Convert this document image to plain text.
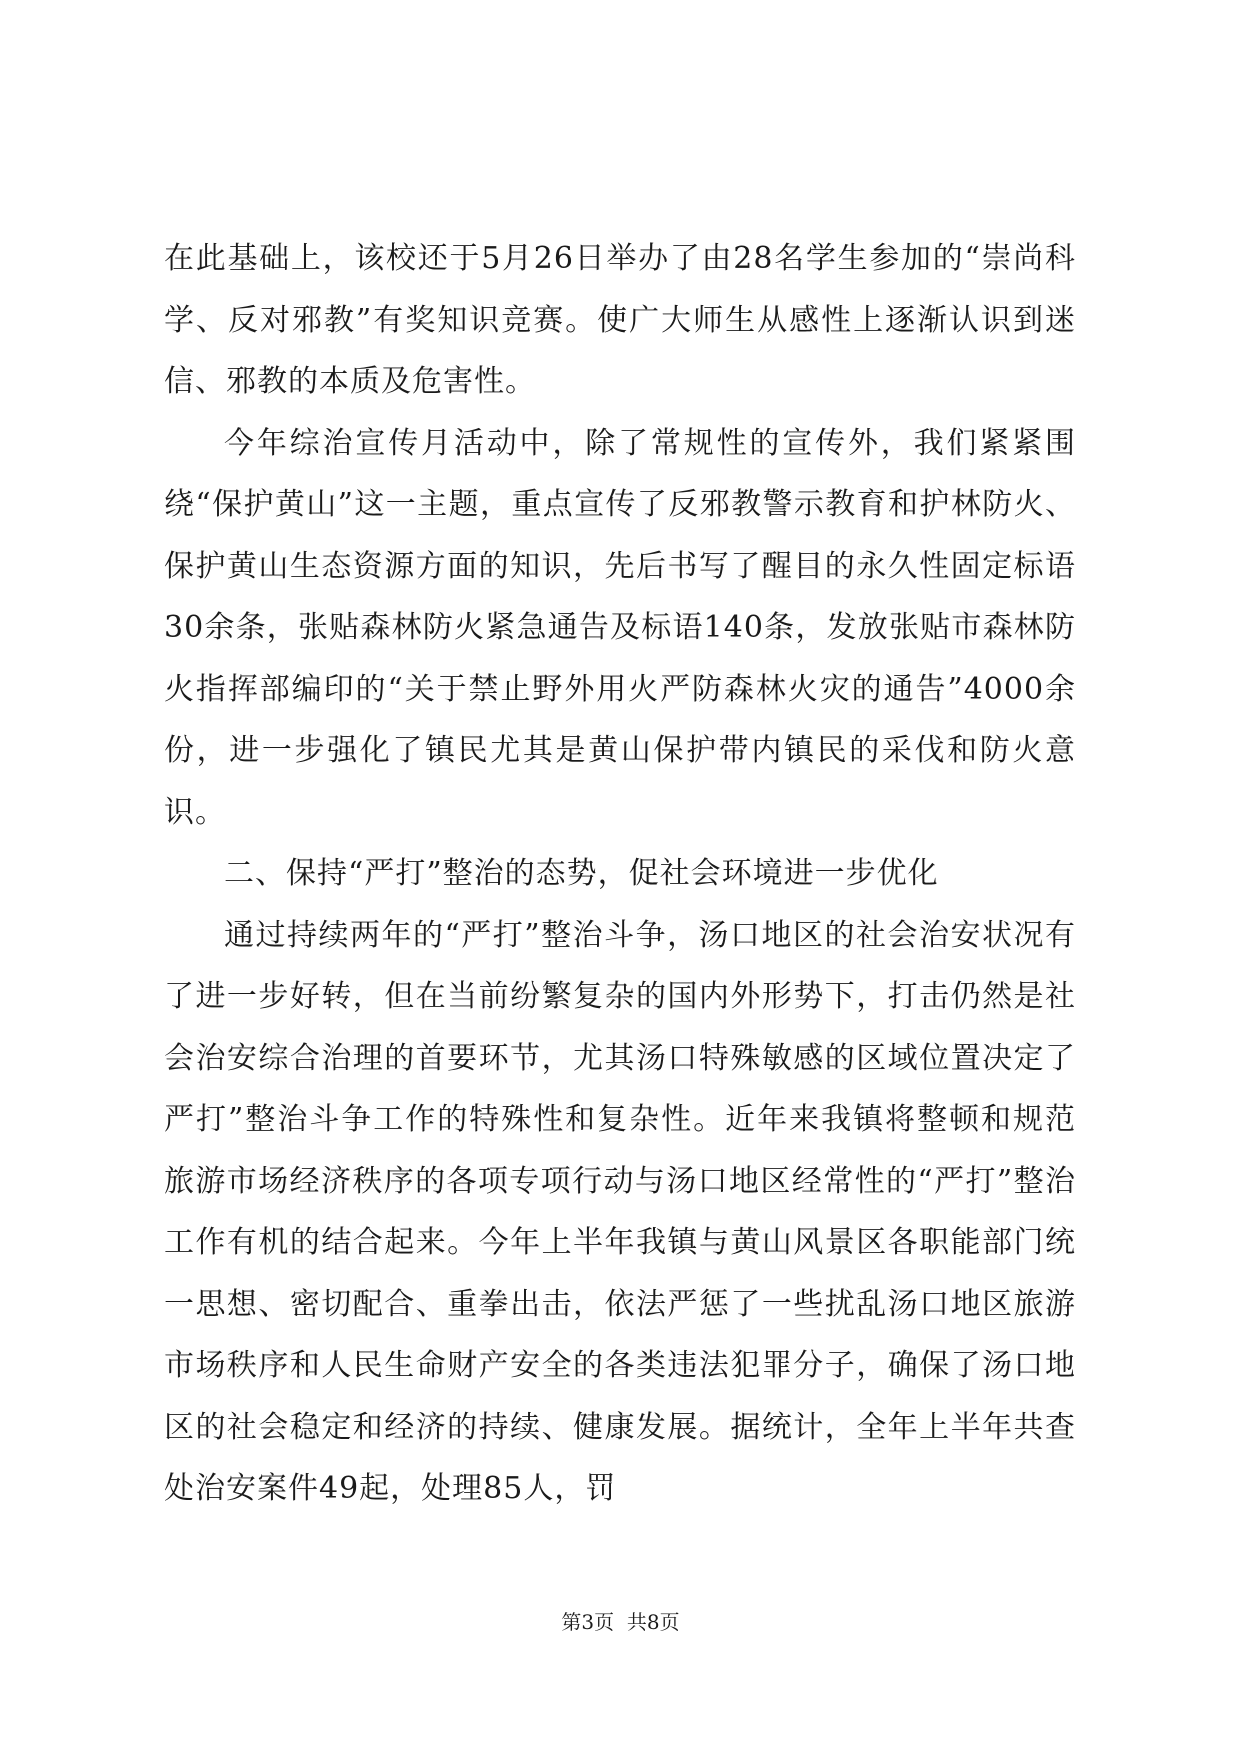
在此基础上，该校还于5月26日举办了由28名学生参加的“崇尚科学、反对邪教”有奖知识竞赛。使广大师生从感性上逐渐认识到迷信、邪教的本质及危害性。

今年综治宣传月活动中，除了常规性的宣传外，我们紧紧围绕“保护黄山”这一主题，重点宣传了反邪教警示教育和护林防火、保护黄山生态资源方面的知识，先后书写了醒目的永久性固定标语30余条，张贴森林防火紧急通告及标语140条，发放张贴市森林防火指挥部编印的“关于禁止野外用火严防森林火灾的通告”4000余份，进一步强化了镇民尤其是黄山保护带内镇民的采伐和防火意识。

二、保持“严打”整治的态势，促社会环境进一步优化

通过持续两年的“严打”整治斗争，汤口地区的社会治安状况有了进一步好转，但在当前纷繁复杂的国内外形势下，打击仍然是社会治安综合治理的首要环节，尤其汤口特殊敏感的区域位置决定了严打”整治斗争工作的特殊性和复杂性。近年来我镇将整顿和规范旅游市场经济秩序的各项专项行动与汤口地区经常性的“严打”整治工作有机的结合起来。今年上半年我镇与黄山风景区各职能部门统一思想、密切配合、重拳出击，依法严惩了一些扰乱汤口地区旅游市场秩序和人民生命财产安全的各类违法犯罪分子，确保了汤口地区的社会稳定和经济的持续、健康发展。据统计，全年上半年共查处治安案件49起，处理85人，罚

第3页  共8页
